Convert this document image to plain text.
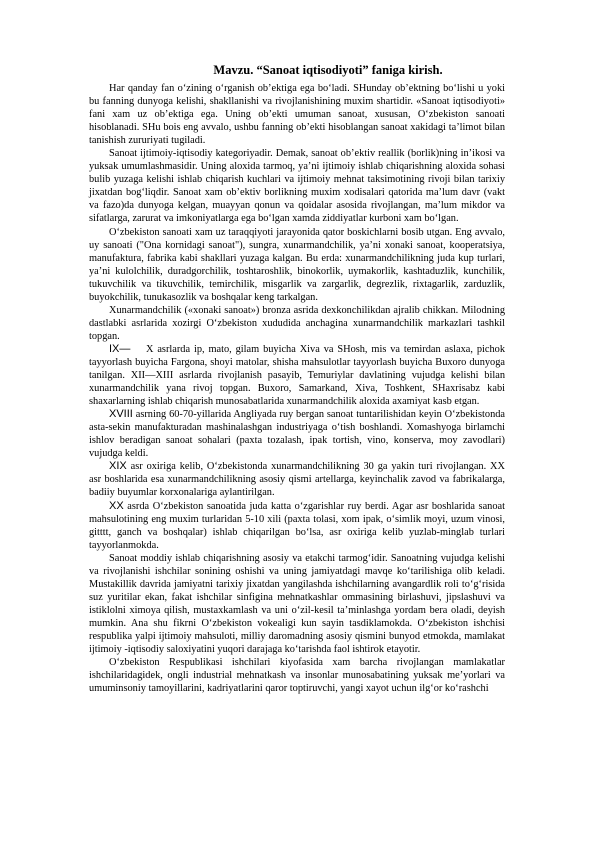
Mavzu. “Sanoat iqtisodiyoti” faniga kirish.

Har qanday fan o‘zining o‘rganish ob’ektiga ega bo‘ladi. SHunday ob’ektning bo‘lishi u yoki bu fanning dunyoga kelishi, shakllanishi va rivojlanishining muxim shartidir. «Sanoat iqtisodiyoti» fani xam uz ob’ektiga ega. Uning ob’ekti umuman sanoat, xususan, O‘zbekiston sanoati hisoblanadi. SHu bois eng avvalo, ushbu fanning ob’ekti hisoblangan sanoat xakidagi ta’limot bilan tanishish zururiyati tugiladi.

Sanoat ijtimoiy-iqtisodiy kategoriyadir. Demak, sanoat ob’ektiv reallik (borlik)ning in’ikosi va yuksak umumlashmasidir. Uning aloxida tarmoq, ya’ni ijtimoiy ishlab chiqarishning aloxida sohasi bulib yuzaga kelishi ishlab chiqarish kuchlari va ijtimoiy mehnat taksimotining rivoji bilan tarixiy jixatdan bog‘liqdir. Sanoat xam ob’ektiv borlikning muxim xodisalari qatorida ma’lum davr (vakt va fazo)da dunyoga kelgan, muayyan qonun va qoidalar asosida rivojlangan, ma’lum mikdor va sifatlarga, zarurat va imkoniyatlarga ega bo‘lgan xamda ziddiyatlar kurboni xam bo‘lgan.

O‘zbekiston sanoati xam uz taraqqiyoti jarayonida qator boskichlarni bosib utgan. Eng avvalo, uy sanoati ("Ona kornidagi sanoat"), sungra, xunarmandchilik, ya’ni xonaki sanoat, kooperatsiya, manufaktura, fabrika kabi shakllari yuzaga kalgan. Bu erda: xunarmandchilikning juda kup turlari, ya’ni kulolchilik, duradgorchilik, toshtaroshlik, binokorlik, uymakorlik, kashtaduzlik, kunchilik, tukuvchilik va tikuvchilik, temirchilik, misgarlik va zargarlik, degrezlik, rixtagarlik, zarduzlik, buyokchilik, tunukasozlik va boshqalar keng tarkalgan.

Xunarmandchilik («xonaki sanoat») bronza asrida dexkonchilikdan ajralib chikkan. Milodning dastlabki asrlarida xozirgi O‘zbekiston xududida anchagina xunarmandchilik markazlari tashkil topgan.

IX— X asrlarda ip, mato, gilam buyicha Xiva va SHosh, mis va temirdan aslaxa, pichok tayyorlash buyicha Fargona, shoyi matolar, shisha mahsulotlar tayyorlash buyicha Buxoro dunyoga tanilgan. XII—XIII asrlarda rivojlanish pasayib, Temuriylar davlatining vujudga kelishi bilan xunarmandchilik yana rivoj topgan. Buxoro, Samarkand, Xiva, Toshkent, SHaxrisabz kabi shaxarlarning ishlab chiqarish munosabatlarida xunarmandchilik aloxida axamiyat kasb etgan.

XVIII asrning 60-70-yillarida Angliyada ruy bergan sanoat tuntarilishidan keyin O‘zbekistonda asta-sekin manufakturadan mashinalashgan industriyaga o‘tish boshlandi. Xomashyoga birlamchi ishlov beradigan sanoat sohalari (paxta tozalash, ipak tortish, vino, konserva, moy zavodlari) vujudga keldi.

XIX asr oxiriga kelib, O‘zbekistonda xunarmandchilikning 30 ga yakin turi rivojlangan. XX asr boshlarida esa xunarmandchilikning asosiy qismi artellarga, keyinchalik zavod va fabrikalarga, badiiy buyumlar korxonalariga aylantirilgan.

XX asrda O‘zbekiston sanoatida juda katta o‘zgarishlar ruy berdi. Agar asr boshlarida sanoat mahsulotining eng muxim turlaridan 5-10 xili (paxta tolasi, xom ipak, o‘simlik moyi, uzum vinosi, gitttt, ganch va boshqalar) ishlab chiqarilgan bo‘lsa, asr oxiriga kelib yuzlab-minglab turlari tayyorlanmokda.

Sanoat moddiy ishlab chiqarishning asosiy va etakchi tarmog‘idir. Sanoatning vujudga kelishi va rivojlanishi ishchilar sonining oshishi va uning jamiyatdagi mavqe ko‘tarilishiga olib keladi. Mustakillik davrida jamiyatni tarixiy jixatdan yangilashda ishchilarning avangardlik roli to‘g‘risida suz yuritilar ekan, fakat ishchilar sinfigina mehnatkashlar ommasining birlashuvi, jipslashuvi va istiklolni ximoya qilish, mustaxkamlash va uni o‘zil-kesil ta’minlashga yordam bera oladi, deyish mumkin. Ana shu fikrni O‘zbekiston vokealigi kun sayin tasdiklamokda. O‘zbekiston ishchisi respublika yalpi ijtimoiy mahsuloti, milliy daromadning asosiy qismini bunyod etmokda, mamlakat ijtimoiy -iqtisodiy saloxiyatini yuqori darajaga ko‘tarishda faol ishtirok etayotir.

O‘zbekiston Respublikasi ishchilari kiyofasida xam barcha rivojlangan mamlakatlar ishchilaridagidek, ongli industrial mehnatkash va insonlar munosabatining yuksak me’yorlari va umuminsoniy tamoyillarini, kadriyatlarini qaror toptiruvchi, yangi xayot uchun ilg‘or ko‘rashchi
